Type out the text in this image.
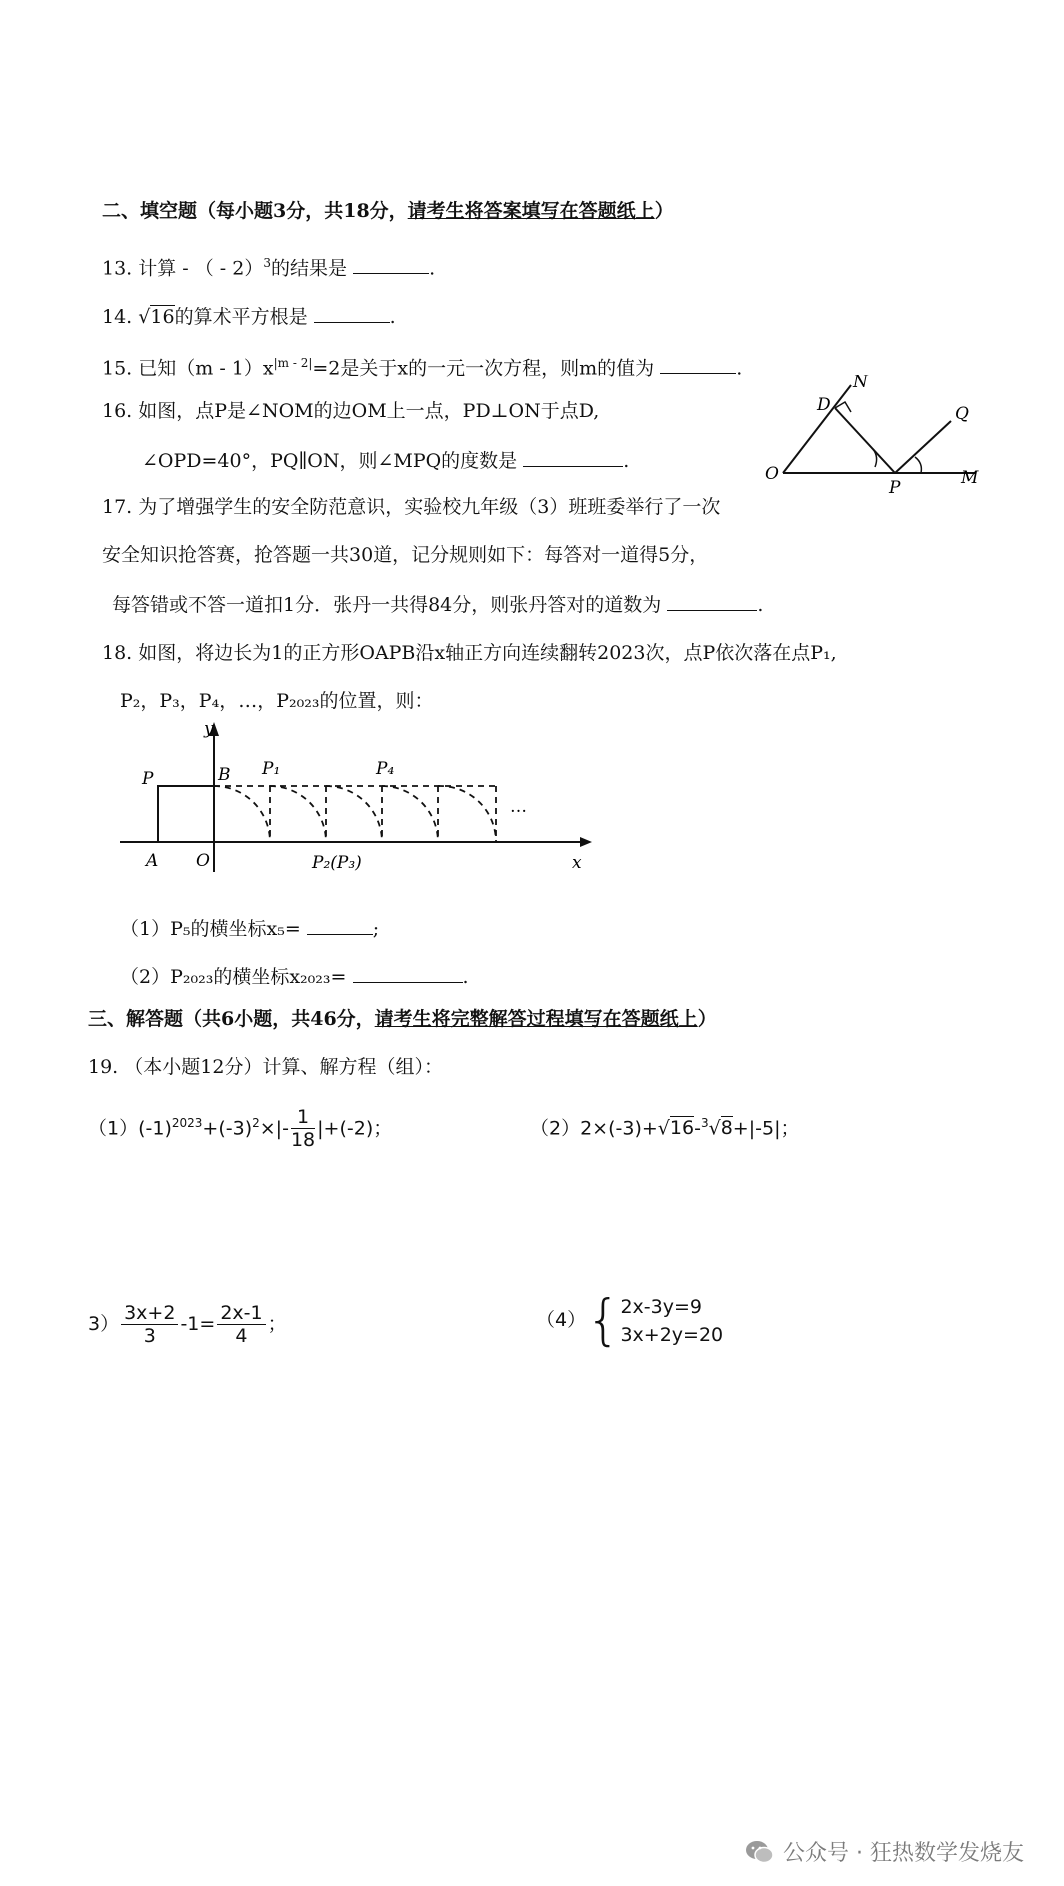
二、填空题（每小题3分，共18分，请考生将答案填写在答题纸上）
13. 计算 - （ - 2）$^3$的结果是	.
14. √16的算术平方根是	.
15. 已知$(m - 1)x^{|m - 2|}=2$是关于x的一元一次方程，则m的值为	.
16. 如图，点P是∠NOM的边OM上一点，PD⊥ON于点D,
∠OPD=40°，PQ∥ON，则∠MPQ的度数是	.
N
D	Q
O
P	M
17. 为了增强学生的安全防范意识，实验校九年级（3）班班委举行了一次
安全知识抢答赛，抢答题一共30道，记分规则如下：每答对一道得5分，
每答错或不答一道扣1分．张丹一共得84分，则张丹答对的道数为	.
18. 如图，将边长为1的正方形OAPB沿x轴正方向连续翻转2023次，点P依次落在点P₁,
P₂，P₃，P₄，…，P₂₀₂₃的位置，则：
y
P	B P₁	P₄
…
A O	P₂(P₃)	x
（1）P₅的横坐标x₅=	;
（2）P₂₀₂₃的横坐标x₂₀₂₃=	.
三、解答题（共6小题，共46分，请考生将完整解答过程填写在答题纸上）
19. （本小题12分）计算、解方程（组）：
$(1)(-1)^{2023}+(-3)^2\times|- \frac{1}{18} |+(-2)$；	（2）2×(-3)+√16-$^3$√8+|-5|；
$3) \frac{3x+2}{3} -1= \frac{2x-1}{4}$ ；	（4）{ 2x-3y=9
3x+2y=20
公众号 · 狂热数学发烧友
